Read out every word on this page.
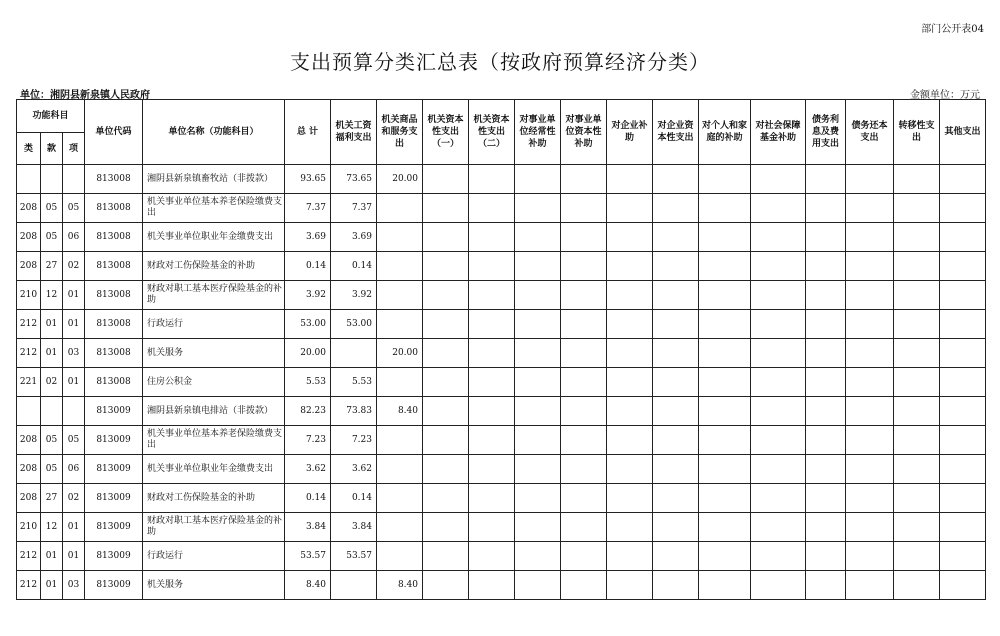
部门公开表04
支出预算分类汇总表（按政府预算经济分类）
单位：湘阴县新泉镇人民政府	金额单位：万元
功能科目			单位代码	单位名称（功能科目）	总 计	机关工资福利支出	机关商品和服务支出	机关资本性支出（一）	机关资本性支出（二）	对事业单位经常性补助	对事业单位资本性补助	对企业补助	对企业资本性支出	对个人和家庭的补助	对社会保障基金补助	债务利息及费用支出	债务还本支出	转移性支出	其他支出
类	款	项																	
			813008	湘阴县新泉镇畜牧站（非拨款）	93.65	73.65	20.00												
208	05	05	813008	机关事业单位基本养老保险缴费支出	7.37	7.37													
208	05	06	813008	机关事业单位职业年金缴费支出	3.69	3.69													
208	27	02	813008	财政对工伤保险基金的补助	0.14	0.14													
210	12	01	813008	财政对职工基本医疗保险基金的补助	3.92	3.92													
212	01	01	813008	行政运行	53.00	53.00													
212	01	03	813008	机关服务	20.00		20.00												
221	02	01	813008	住房公积金	5.53	5.53													
			813009	湘阴县新泉镇电排站（非拨款）	82.23	73.83	8.40												
208	05	05	813009	机关事业单位基本养老保险缴费支出	7.23	7.23													
208	05	06	813009	机关事业单位职业年金缴费支出	3.62	3.62													
208	27	02	813009	财政对工伤保险基金的补助	0.14	0.14													
210	12	01	813009	财政对职工基本医疗保险基金的补助	3.84	3.84													
212	01	01	813009	行政运行	53.57	53.57													
212	01	03	813009	机关服务	8.40		8.40												
